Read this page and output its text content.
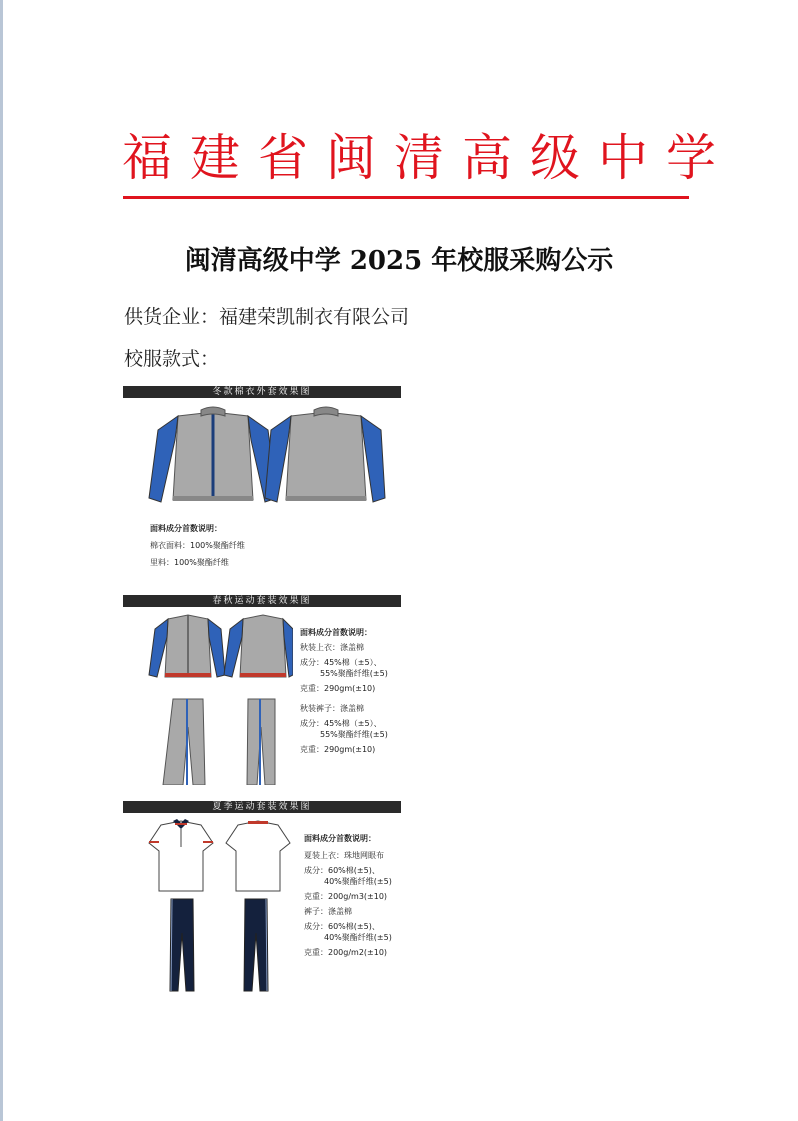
福建省闽清高级中学
闽清高级中学 2025 年校服采购公示
供货企业：福建荣凯制衣有限公司
校服款式：
冬款棉衣外套效果图
面料成分首数说明：
棉衣面料：100%聚酯纤维
里料：100%聚酯纤维
春秋运动套装效果图
面料成分首数说明：
秋装上衣：涤盖棉
成分：45%棉（±5）、
55%聚酯纤维(±5)
克重：290gm(±10)
秋装裤子：涤盖棉
成分：45%棉（±5）、
55%聚酯纤维(±5)
克重：290gm(±10)
夏季运动套装效果图
面料成分首数说明：
夏装上衣：珠地网眼布
成分：60%棉(±5)、
40%聚酯纤维(±5)
克重：200g/m3(±10)
裤子：涤盖棉
成分：60%棉(±5)、
40%聚酯纤维(±5)
克重：200g/m2(±10)
